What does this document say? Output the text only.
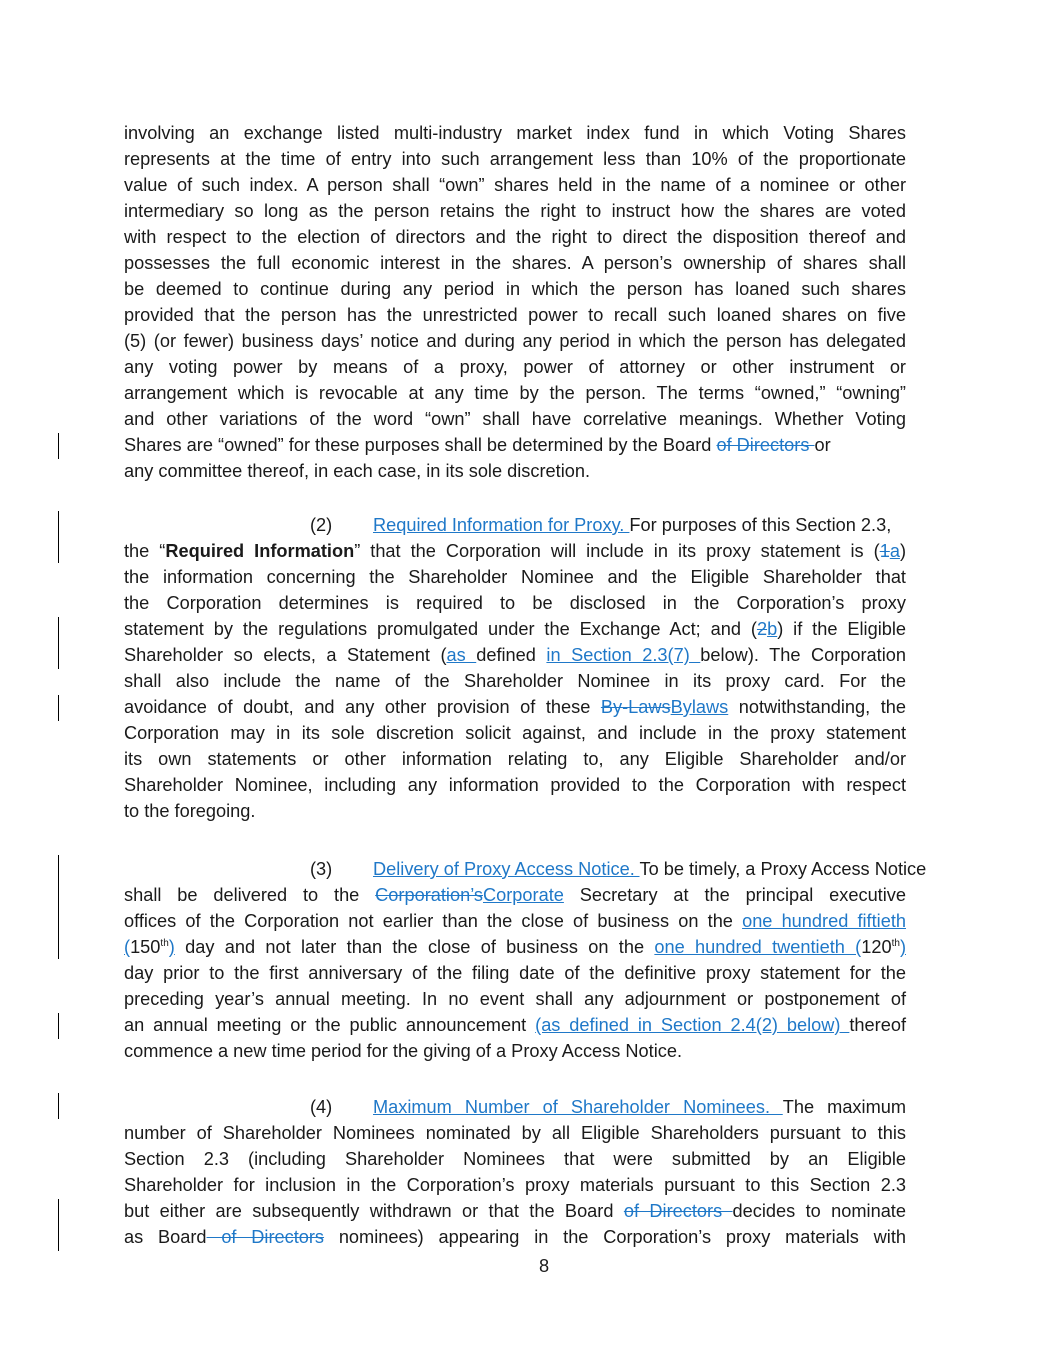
involving an exchange listed multi-industry market index fund in which Voting Shares
represents at the time of entry into such arrangement less than 10% of the proportionate
value of such index. A person shall “own” shares held in the name of a nominee or other
intermediary so long as the person retains the right to instruct how the shares are voted
with respect to the election of directors and the right to direct the disposition thereof and
possesses the full economic interest in the shares. A person’s ownership of shares shall
be deemed to continue during any period in which the person has loaned such shares
provided that the person has the unrestricted power to recall such loaned shares on five
(5) (or fewer) business days’ notice and during any period in which the person has delegated
any voting power by means of a proxy, power of attorney or other instrument or
arrangement which is revocable at any time by the person. The terms “owned,” “owning”
and other variations of the word “own” shall have correlative meanings. Whether Voting
Shares are “owned” for these purposes shall be determined by the Board of Directors or
any committee thereof, in each case, in its sole discretion.
(2) Required Information for Proxy. For purposes of this Section 2.3,
the “Required Information” that the Corporation will include in its proxy statement is (1a)
the information concerning the Shareholder Nominee and the Eligible Shareholder that
the Corporation determines is required to be disclosed in the Corporation’s proxy
statement by the regulations promulgated under the Exchange Act; and (2b) if the Eligible
Shareholder so elects, a Statement (as defined in Section 2.3(7) below). The Corporation
shall also include the name of the Shareholder Nominee in its proxy card. For the
avoidance of doubt, and any other provision of these By-LawsBylaws notwithstanding, the
Corporation may in its sole discretion solicit against, and include in the proxy statement
its own statements or other information relating to, any Eligible Shareholder and/or
Shareholder Nominee, including any information provided to the Corporation with respect
to the foregoing.
(3) Delivery of Proxy Access Notice. To be timely, a Proxy Access Notice
shall be delivered to the Corporation’sCorporate Secretary at the principal executive
offices of the Corporation not earlier than the close of business on the one hundred fiftieth
(150th) day and not later than the close of business on the one hundred twentieth (120th)
day prior to the first anniversary of the filing date of the definitive proxy statement for the
preceding year’s annual meeting. In no event shall any adjournment or postponement of
an annual meeting or the public announcement (as defined in Section 2.4(2) below) thereof
commence a new time period for the giving of a Proxy Access Notice.
(4) Maximum Number of Shareholder Nominees. The maximum
number of Shareholder Nominees nominated by all Eligible Shareholders pursuant to this
Section 2.3 (including Shareholder Nominees that were submitted by an Eligible
Shareholder for inclusion in the Corporation’s proxy materials pursuant to this Section 2.3
but either are subsequently withdrawn or that the Board of Directors decides to nominate
as Board of Directors nominees) appearing in the Corporation’s proxy materials with
8
